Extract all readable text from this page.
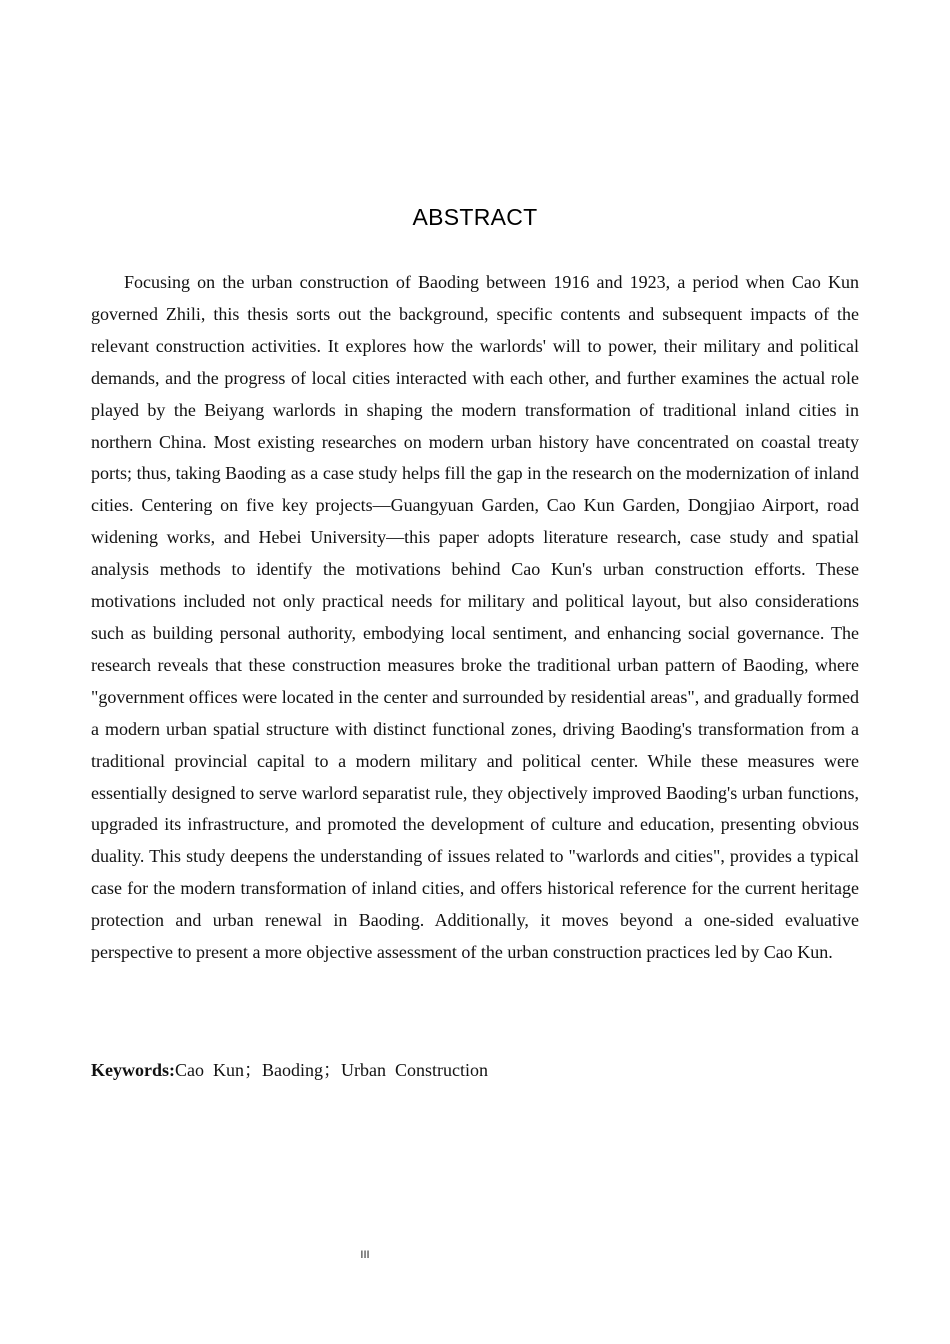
ABSTRACT

Focusing on the urban construction of Baoding between 1916 and 1923, a period when Cao Kun governed Zhili, this thesis sorts out the background, specific contents and subsequent impacts of the relevant construction activities. It explores how the warlords' will to power, their military and political demands, and the progress of local cities interacted with each other, and further examines the actual role played by the Beiyang warlords in shaping the modern transformation of traditional inland cities in northern China. Most existing researches on modern urban history have concentrated on coastal treaty ports; thus, taking Baoding as a case study helps fill the gap in the research on the modernization of inland cities. Centering on five key projects—Guangyuan Garden, Cao Kun Garden, Dongjiao Airport, road widening works, and Hebei University—this paper adopts literature research, case study and spatial analysis methods to identify the motivations behind Cao Kun's urban construction efforts. These motivations included not only practical needs for military and political layout, but also considerations such as building personal authority, embodying local sentiment, and enhancing social governance. The research reveals that these construction measures broke the traditional urban pattern of Baoding, where "government offices were located in the center and surrounded by residential areas", and gradually formed a modern urban spatial structure with distinct functional zones, driving Baoding's transformation from a traditional provincial capital to a modern military and political center. While these measures were essentially designed to serve warlord separatist rule, they objectively improved Baoding's urban functions, upgraded its infrastructure, and promoted the development of culture and education, presenting obvious duality. This study deepens the understanding of issues related to "warlords and cities", provides a typical case for the modern transformation of inland cities, and offers historical reference for the current heritage protection and urban renewal in Baoding. Additionally, it moves beyond a one-sided evaluative perspective to present a more objective assessment of the urban construction practices led by Cao Kun.

Keywords:Cao  Kun；Baoding；Urban  Construction
III
